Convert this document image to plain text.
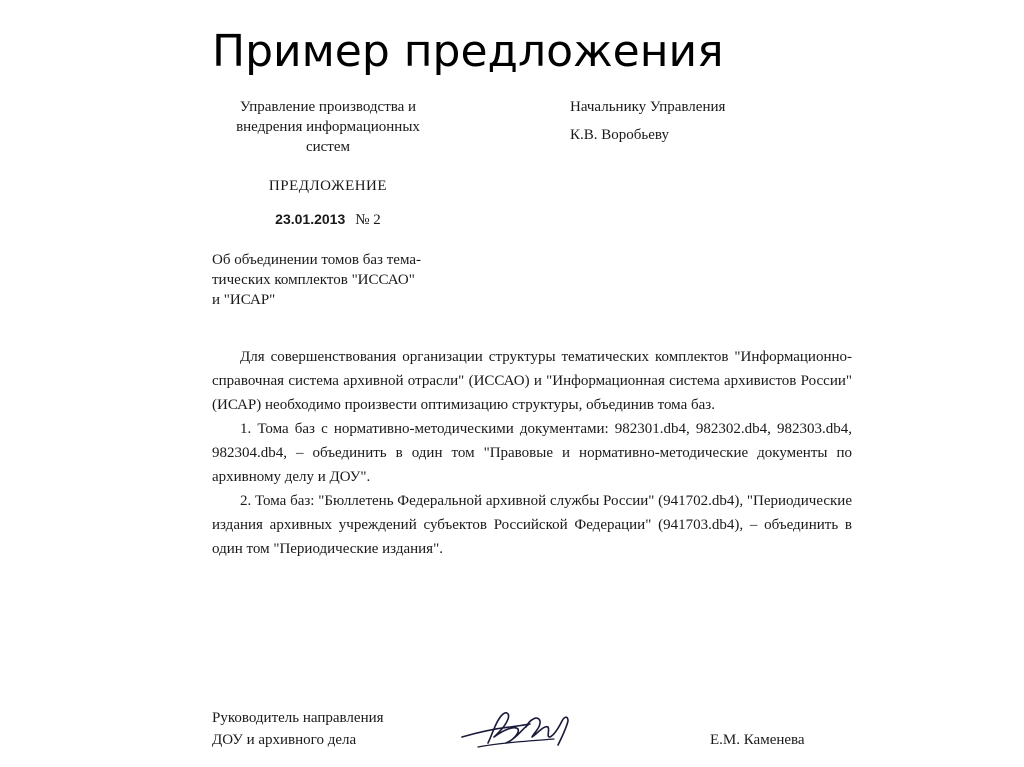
Пример предложения
Управление производства и
внедрения информационных
систем
Начальнику Управления
К.В. Воробьеву
ПРЕДЛОЖЕНИЕ
23.01.2013 № 2
Об объединении томов баз тема-
тических комплектов "ИССАО"
и "ИСАР"

Для совершенствования организации структуры тематических комплектов "Информационно-справочная система архивной отрасли" (ИССАО) и "Информационная система архивистов России" (ИСАР) необходимо произвести оптимизацию структуры, объединив тома баз.

1. Тома баз с нормативно-методическими документами: 982301.db4, 982302.db4, 982303.db4, 982304.db4, – объединить в один том "Правовые и нормативно-методические документы по архивному делу и ДОУ".

2. Тома баз: "Бюллетень Федеральной архивной службы России" (941702.db4), "Периодические издания архивных учреждений субъектов Российской Федерации" (941703.db4), – объединить в один том "Периодические издания".

Руководитель направления
ДОУ и архивного дела	Е.М. Каменева
